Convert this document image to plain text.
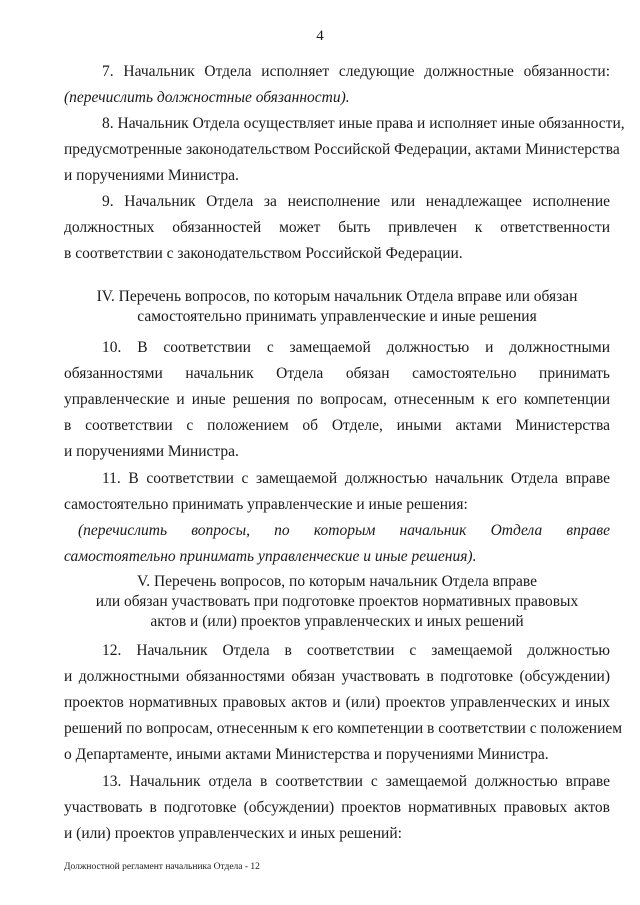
4
7. Начальник Отдела исполняет следующие должностные обязанности:
(перечислить должностные обязанности).
8. Начальник Отдела осуществляет иные права и исполняет иные обязанности,
предусмотренные законодательством Российской Федерации, актами Министерства
и поручениями Министра.
9. Начальник Отдела за неисполнение или ненадлежащее исполнение
должностных обязанностей может быть привлечен к ответственности
в соответствии с законодательством Российской Федерации.
IV. Перечень вопросов, по которым начальник Отдела вправе или обязан
самостоятельно принимать управленческие и иные решения
10. В соответствии с замещаемой должностью и должностными
обязанностями начальник Отдела обязан самостоятельно принимать
управленческие и иные решения по вопросам, отнесенным к его компетенции
в соответствии с положением об Отделе, иными актами Министерства
и поручениями Министра.
11. В соответствии с замещаемой должностью начальник Отдела вправе
самостоятельно принимать управленческие и иные решения:
(перечислить вопросы, по которым начальник Отдела вправе
самостоятельно принимать управленческие и иные решения).
V. Перечень вопросов, по которым начальник Отдела вправе
или обязан участвовать при подготовке проектов нормативных правовых
актов и (или) проектов управленческих и иных решений
12. Начальник Отдела в соответствии с замещаемой должностью
и должностными обязанностями обязан участвовать в подготовке (обсуждении)
проектов нормативных правовых актов и (или) проектов управленческих и иных
решений по вопросам, отнесенным к его компетенции в соответствии с положением
о Департаменте, иными актами Министерства и поручениями Министра.
13. Начальник отдела в соответствии с замещаемой должностью вправе
участвовать в подготовке (обсуждении) проектов нормативных правовых актов
и (или) проектов управленческих и иных решений:
Должностной регламент начальника Отдела - 12
